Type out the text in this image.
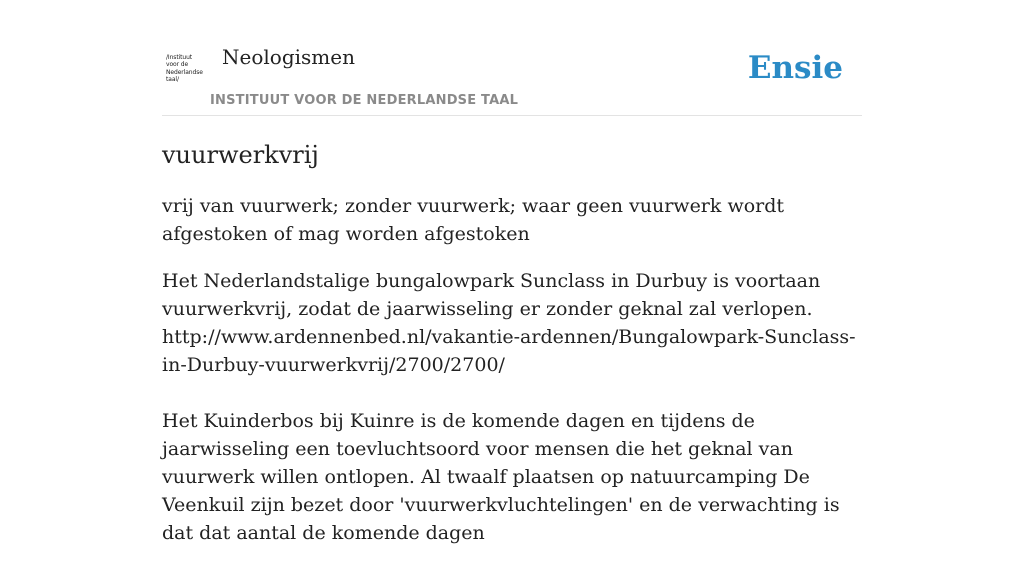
/Instituut
voor de
Nederlandse
taal/
Neologismen
INSTITUUT VOOR DE NEDERLANDSE TAAL
Ensie
vuurwerkvrij

vrij van vuurwerk; zonder vuurwerk; waar geen vuurwerk wordt afgestoken of mag worden afgestoken

Het Nederlandstalige bungalowpark Sunclass in Durbuy is voortaan vuurwerkvrij, zodat de jaarwisseling er zonder geknal zal verlopen.
http://www.ardennenbed.nl/vakantie-ardennen/Bungalowpark-Sunclass-in-Durbuy-vuurwerkvrij/2700/2700/

Het Kuinderbos bij Kuinre is de komende dagen en tijdens de jaarwisseling een toevluchtsoord voor mensen die het geknal van vuurwerk willen ontlopen. Al twaalf plaatsen op natuurcamping De Veenkuil zijn bezet door 'vuurwerkvluchtelingen' en de verwachting is dat dat aantal de komende dagen
